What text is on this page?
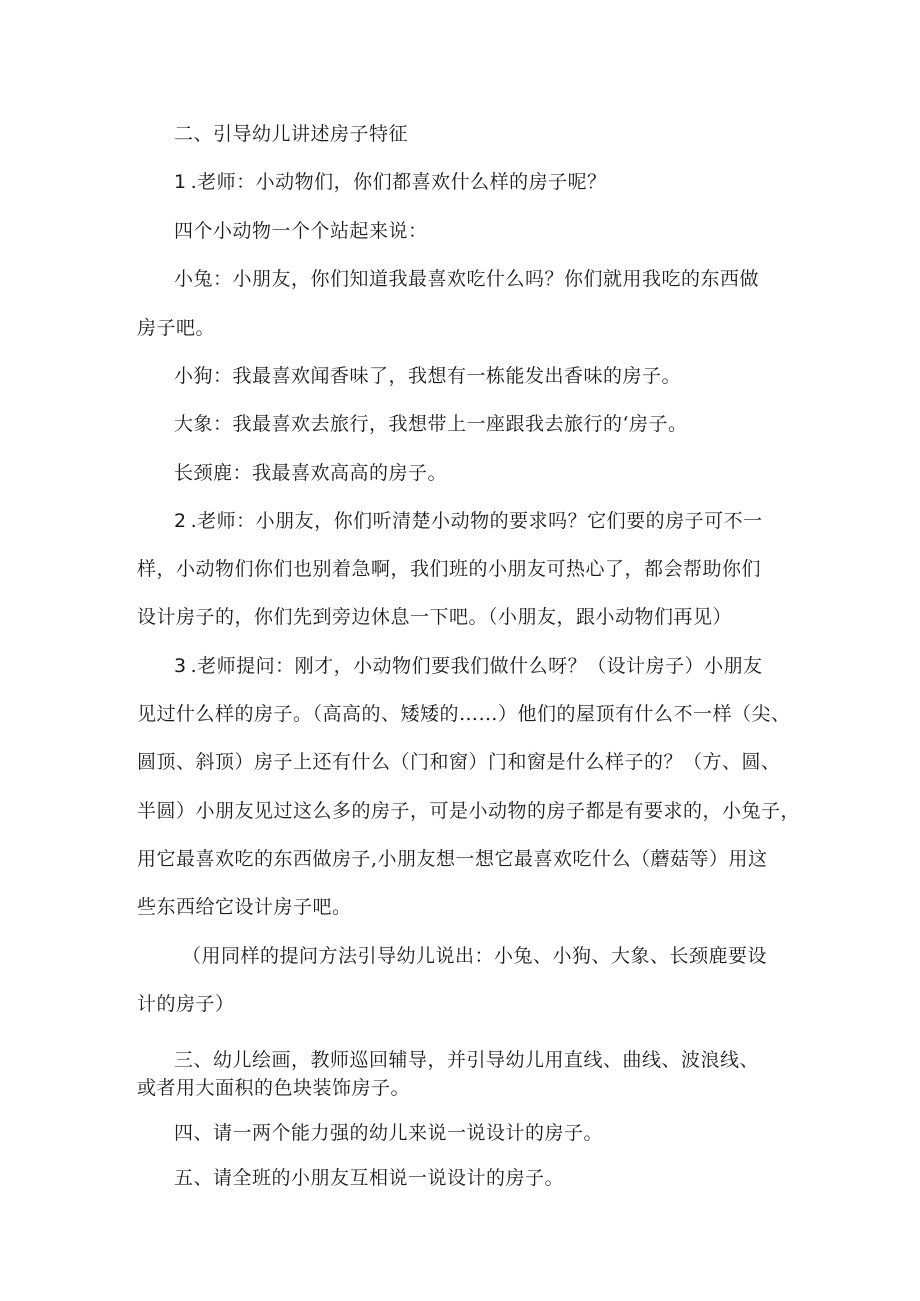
二、引导幼儿讲述房子特征
1 .老师：小动物们，你们都喜欢什么样的房子呢？
四个小动物一个个站起来说：
小兔：小朋友，你们知道我最喜欢吃什么吗？你们就用我吃的东西做
房子吧。
小狗：我最喜欢闻香味了，我想有一栋能发出香味的房子。
大象：我最喜欢去旅行，我想带上一座跟我去旅行的‘房子。
长颈鹿：我最喜欢高高的房子。
2 .老师：小朋友，你们听清楚小动物的要求吗？它们要的房子可不一
样，小动物们你们也别着急啊，我们班的小朋友可热心了，都会帮助你们
设计房子的，你们先到旁边休息一下吧。（小朋友，跟小动物们再见）
3 .老师提问：刚才，小动物们要我们做什么呀？（设计房子）小朋友
见过什么样的房子。（高高的、矮矮的……）他们的屋顶有什么不一样（尖、
圆顶、斜顶）房子上还有什么（门和窗）门和窗是什么样子的？（方、圆、
半圆）小朋友见过这么多的房子，可是小动物的房子都是有要求的，小兔子，
用它最喜欢吃的东西做房子,小朋友想一想它最喜欢吃什么（蘑菇等）用这
些东西给它设计房子吧。
（用同样的提问方法引导幼儿说出：小兔、小狗、大象、长颈鹿要设
计的房子）
三、幼儿绘画，教师巡回辅导，并引导幼儿用直线、曲线、波浪线、
或者用大面积的色块装饰房子。
四、请一两个能力强的幼儿来说一说设计的房子。
五、请全班的小朋友互相说一说设计的房子。
